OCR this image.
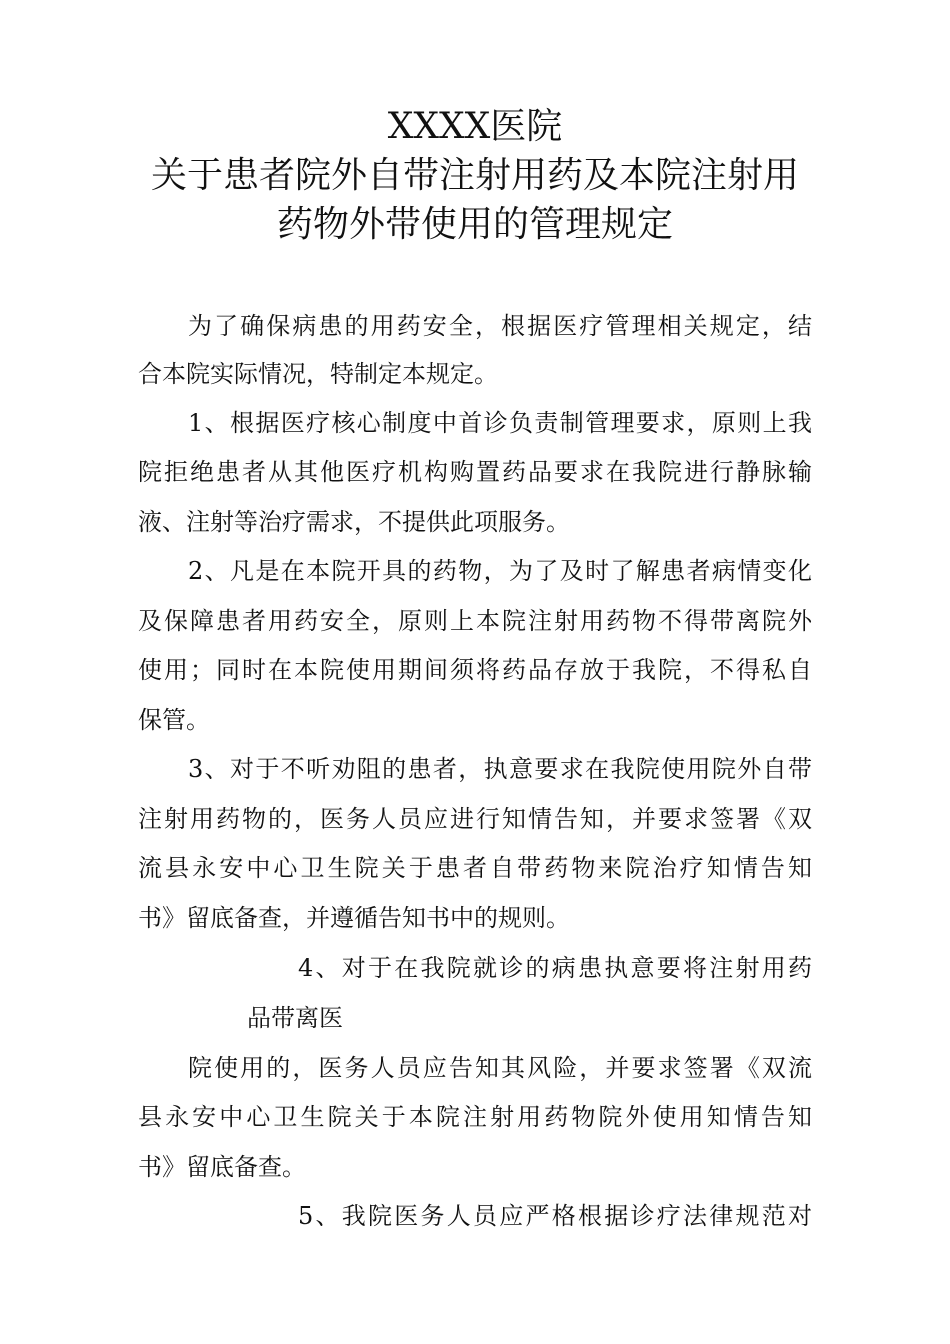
XXXX医院
关于患者院外自带注射用药及本院注射用
药物外带使用的管理规定
为了确保病患的用药安全，根据医疗管理相关规定，结
合本院实际情况，特制定本规定。
1、根据医疗核心制度中首诊负责制管理要求，原则上我
院拒绝患者从其他医疗机构购置药品要求在我院进行静脉输
液、注射等治疗需求，不提供此项服务。
2、凡是在本院开具的药物，为了及时了解患者病情变化
及保障患者用药安全，原则上本院注射用药物不得带离院外
使用；同时在本院使用期间须将药品存放于我院，不得私自
保管。
3、对于不听劝阻的患者，执意要求在我院使用院外自带
注射用药物的，医务人员应进行知情告知，并要求签署《双
流县永安中心卫生院关于患者自带药物来院治疗知情告知
书》留底备查，并遵循告知书中的规则。
4、对于在我院就诊的病患执意要将注射用药
品带离医
院使用的，医务人员应告知其风险，并要求签署《双流
县永安中心卫生院关于本院注射用药物院外使用知情告知
书》留底备查。
5、我院医务人员应严格根据诊疗法律规范对
